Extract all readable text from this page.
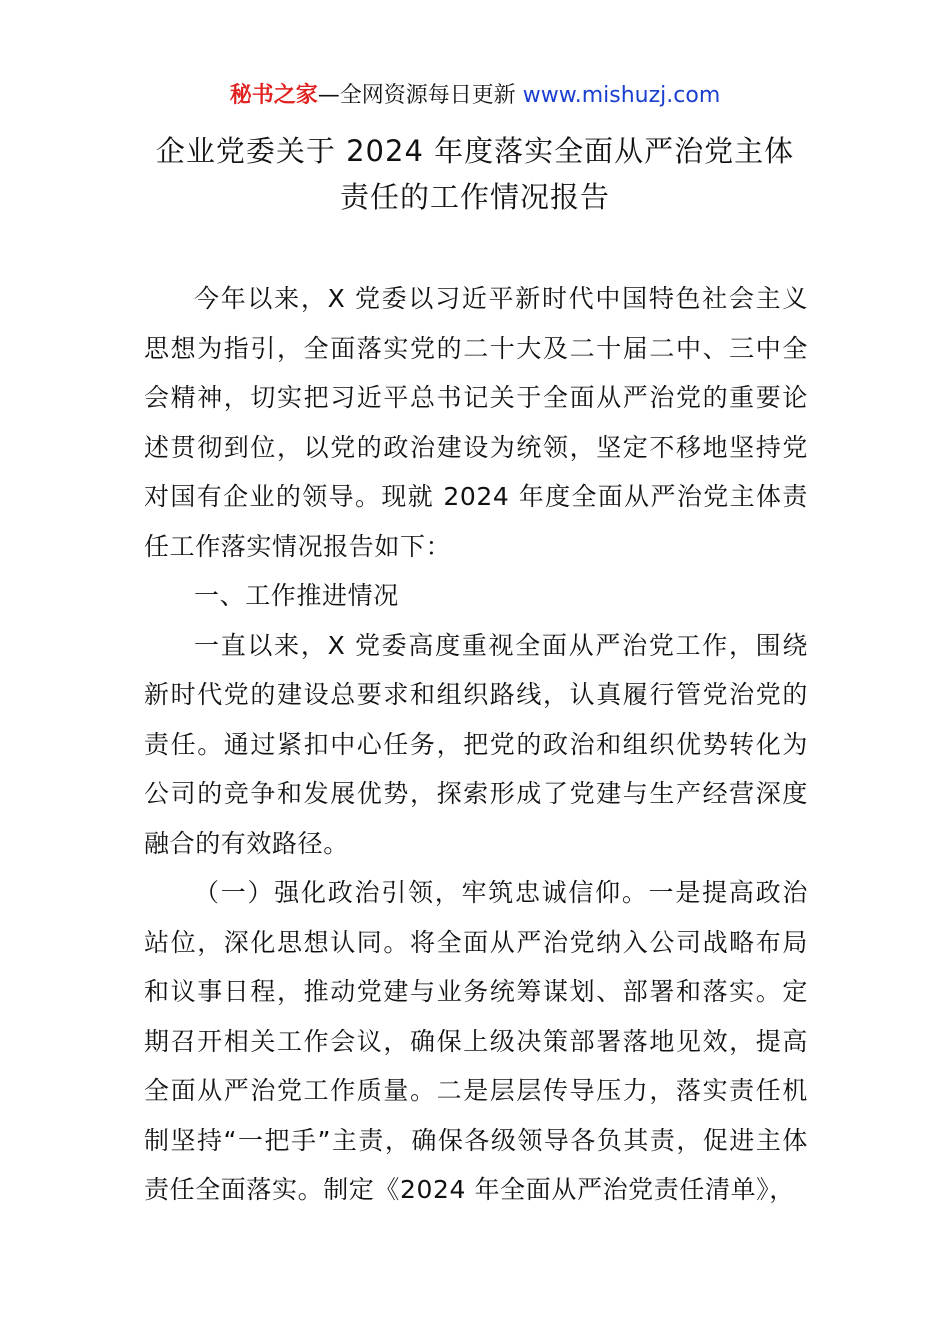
秘书之家—全网资源每日更新 www.mishuzj.com
企业党委关于 2024 年度落实全面从严治党主体
责任的工作情况报告

今年以来，X 党委以习近平新时代中国特色社会主义思想为指引，全面落实党的二十大及二十届二中、三中全会精神，切实把习近平总书记关于全面从严治党的重要论述贯彻到位，以党的政治建设为统领，坚定不移地坚持党对国有企业的领导。现就 2024 年度全面从严治党主体责任工作落实情况报告如下：

一、工作推进情况

一直以来，X 党委高度重视全面从严治党工作，围绕新时代党的建设总要求和组织路线，认真履行管党治党的责任。通过紧扣中心任务，把党的政治和组织优势转化为公司的竞争和发展优势，探索形成了党建与生产经营深度融合的有效路径。

（一）强化政治引领，牢筑忠诚信仰。一是提高政治站位，深化思想认同。将全面从严治党纳入公司战略布局和议事日程，推动党建与业务统筹谋划、部署和落实。定期召开相关工作会议，确保上级决策部署落地见效，提高全面从严治党工作质量。二是层层传导压力，落实责任机制坚持“一把手”主责，确保各级领导各负其责，促进主体责任全面落实。制定《2024 年全面从严治党责任清单》，
